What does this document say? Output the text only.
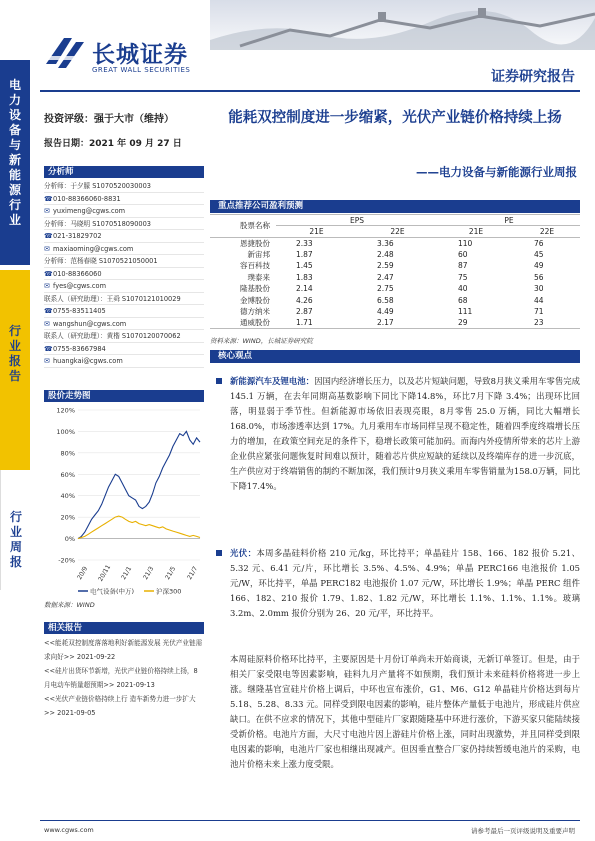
长城证券
GREAT WALL SECURITIES	证券研究报告
电
力
设
备
与
新
能
源
行
业
行
业
报
告
行
业
周
报
投资评级：强于大市（维持）
报告日期：2021 年 09 月 27 日
能耗双控制度进一步缩紧，光伏产业链价格持续上扬
——电力设备与新能源行业周报
分析师
分析师：于夕朦 S1070520030003
☎010-88366060-8831
✉ yuximeng@cgws.com
分析师：马晓明 S1070518090003
☎021-31829702
✉ maxiaoming@cgws.com
分析师：范杨春晓 S1070521050001
☎010-88366060
✉ fyes@cgws.com
联系人（研究助理）：王舜 S1070121010029
☎0755-83511405
✉ wangshun@cgws.com
联系人（研究助理）：黄楷 S1070120070062
☎0755-83667984
✉ huangkai@cgws.com
股价走势图
120%
100%
80%
60%
40%
20%
0%
-20%
20/9 20/11 21/1 21/3 21/5 21/7
电气设备(中万)	沪深300
数据来源：WIND
相关报告

<<能耗双控制度落落地利好新能源发展 光伏产业链需求向好>> 2021-09-22

<<硅片出货环节新增，光伏产业链价格持续上扬，8月电动车销量超预期>> 2021-09-13

<<光伏产业链价格持续上行 造车新势力进一步扩大>> 2021-09-05

重点推荐公司盈利预测
股票名称	EPS		PE	
	21E	22E	21E	22E
恩捷股份	2.33	3.36	110	76
新宙邦	1.87	2.48	60	45
容百科技	1.45	2.59	87	49
璞泰来	1.83	2.47	75	56
隆基股份	2.14	2.75	40	30
金博股份	4.26	6.58	68	44
德方纳米	2.87	4.49	111	71
通威股份	1.71	2.17	29	23
资料来源：WIND，长城证券研究院
核心观点
新能源汽车及锂电池：因国内经济增长压力，以及芯片短缺问题，导致8月狭义乘用车零售完成 145.1 万辆，在去年同期高基数影响下同比下降14.8%，环比7月下降 3.4%；出现环比回落，明显弱于季节性。但新能源市场依旧表现亮眼，8月零售 25.0 万辆，同比大幅增长 168.0%，市场渗透率达到 17%。九月乘用车市场同样呈现不稳定性，随着四季度终端增长压力的增加，在政策空间充足的条件下，稳增长政策可能加码。而海内外疫情所带来的芯片上游企业供应紧张问题恢复时间难以预计，随着芯片供应短缺的延续以及终端库存的进一步沉底，生产供应对于终端销售的制约不断加深，我们预计9月狭义乘用车零售销量为158.0万辆，同比下降17.4%。
光伏：本周多晶硅料价格 210 元/kg，环比持平；单晶硅片 158、166、182 报价 5.21、5.32 元、6.41 元/片，环比增长 3.5%、4.5%、4.9%；单晶 PERC166 电池报价 1.05 元/W，环比持平，单晶 PERC182 电池报价 1.07 元/W，环比增长 1.9%；单晶 PERC 组件 166、182、210 报价 1.79、1.82、1.82 元/W，环比增长 1.1%、1.1%、1.1%。玻璃 3.2m、2.0mm 报价分别为 26、20 元/平，环比持平。
本周硅原料价格环比持平，主要原因是十月份订单尚未开始商谈，无新订单签订。但是，由于相关厂家受限电等因素影响，硅料九月产量将不如预期，我们预计未来硅料价格将进一步上涨。继隆基官宣硅片价格上调后，中环也宣布涨价，G1、M6、G12 单晶硅片价格达到每片 5.18、5.28、8.33 元。同样受到限电因素的影响，硅片整体产量低于电池片，形成硅片供应缺口。在供不应求的情况下，其他中型硅片厂家跟随隆基中环进行涨价，下游买家只能陆续接受新价格。电池片方面，大尺寸电池片因上游硅片价格上涨，同时出现激势，并且同样受到限电因素的影响，电池片厂家也相继出现减产。但因垂直整合厂家仍持续暂缓电池片的采购，电池片价格未来上涨力度受限。
www.cgws.com	请参考最后一页评级说明及重要声明
